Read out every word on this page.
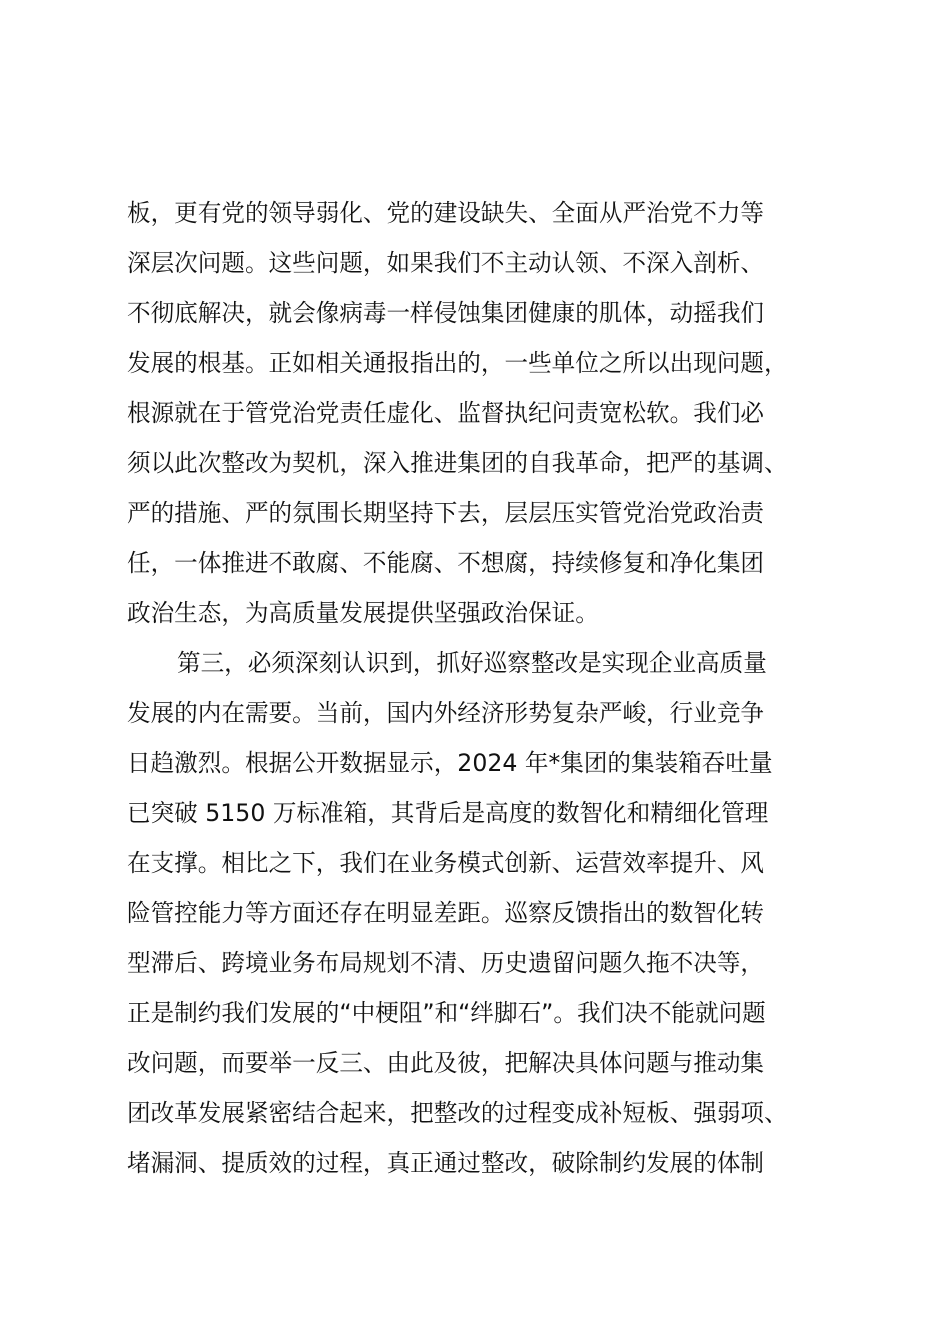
板，更有党的领导弱化、党的建设缺失、全面从严治党不力等
深层次问题。这些问题，如果我们不主动认领、不深入剖析、
不彻底解决，就会像病毒一样侵蚀集团健康的肌体，动摇我们
发展的根基。正如相关通报指出的，一些单位之所以出现问题，
根源就在于管党治党责任虚化、监督执纪问责宽松软。我们必
须以此次整改为契机，深入推进集团的自我革命，把严的基调、
严的措施、严的氛围长期坚持下去，层层压实管党治党政治责
任，一体推进不敢腐、不能腐、不想腐，持续修复和净化集团
政治生态，为高质量发展提供坚强政治保证。
第三，必须深刻认识到，抓好巡察整改是实现企业高质量
发展的内在需要。当前，国内外经济形势复杂严峻，行业竞争
日趋激烈。根据公开数据显示，2024 年*集团的集装箱吞吐量
已突破 5150 万标准箱，其背后是高度的数智化和精细化管理
在支撑。相比之下，我们在业务模式创新、运营效率提升、风
险管控能力等方面还存在明显差距。巡察反馈指出的数智化转
型滞后、跨境业务布局规划不清、历史遗留问题久拖不决等，
正是制约我们发展的“中梗阻”和“绊脚石”。我们决不能就问题
改问题，而要举一反三、由此及彼，把解决具体问题与推动集
团改革发展紧密结合起来，把整改的过程变成补短板、强弱项、
堵漏洞、提质效的过程，真正通过整改，破除制约发展的体制
